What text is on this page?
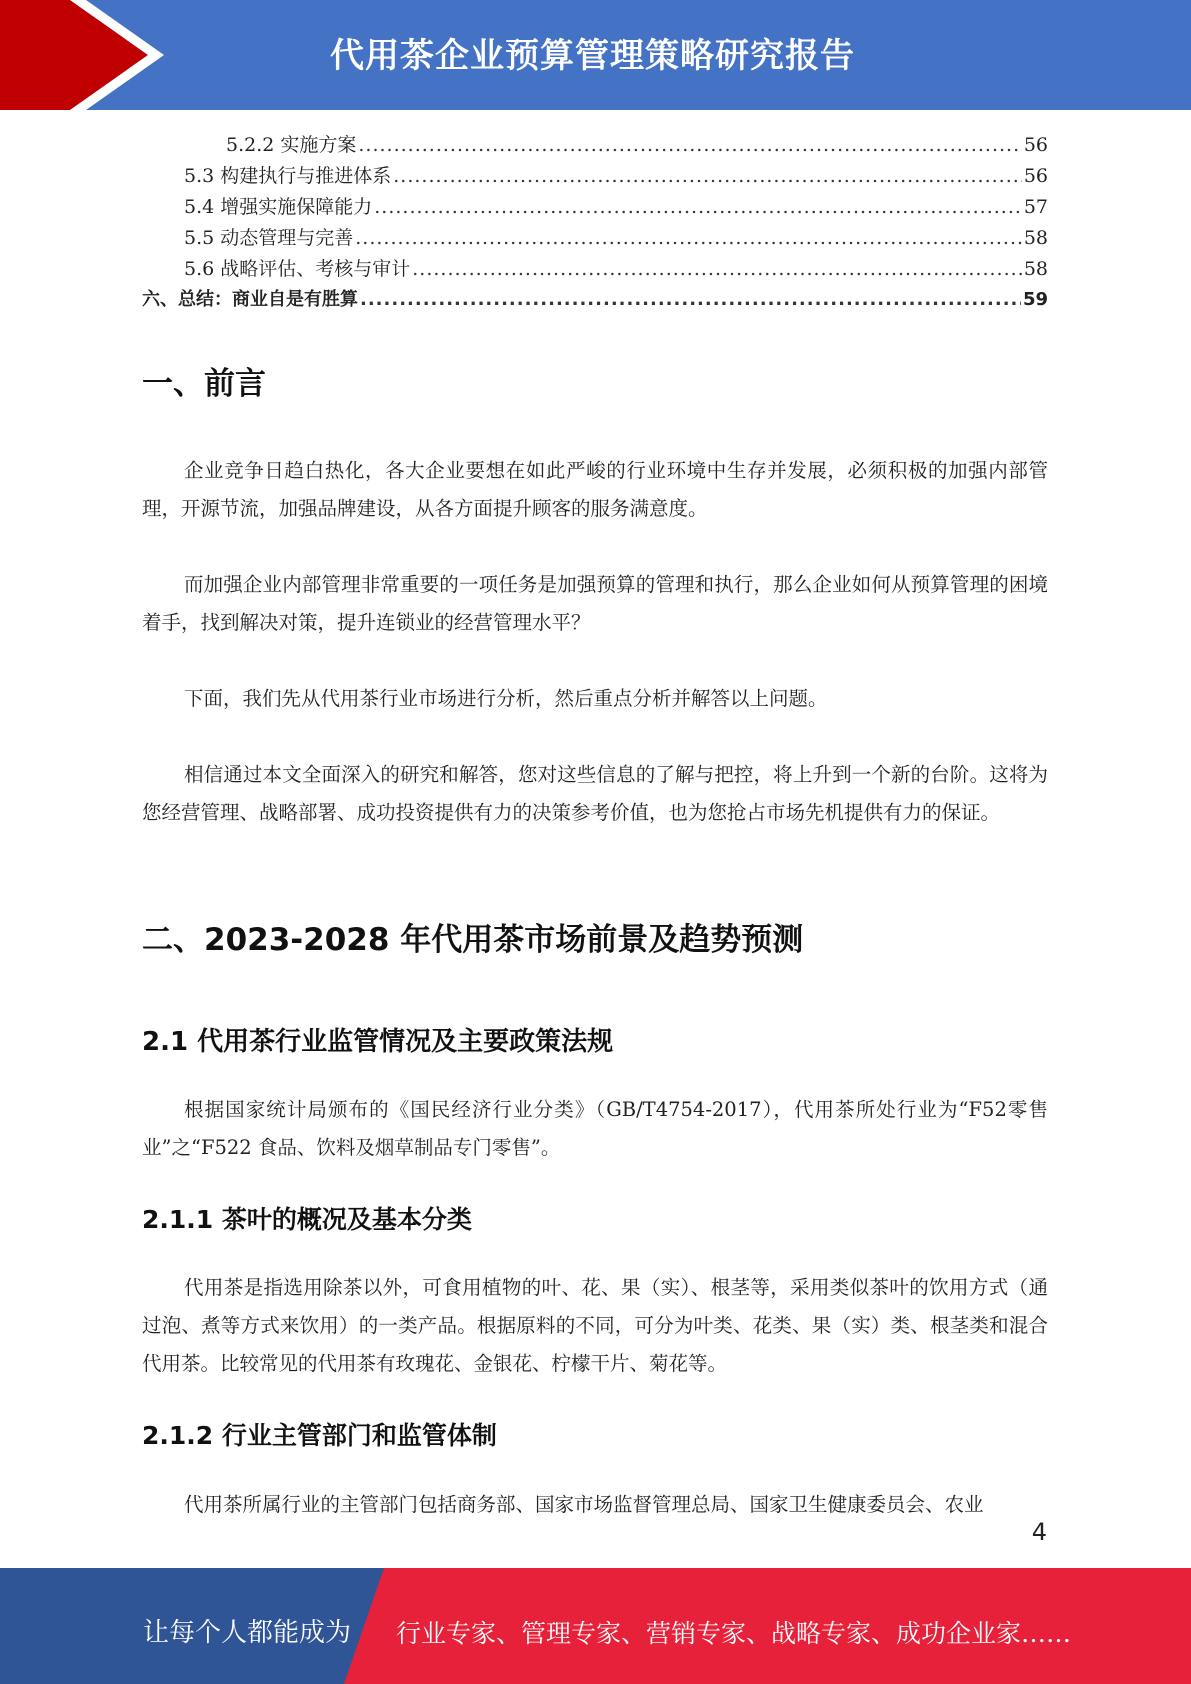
代用茶企业预算管理策略研究报告
5.2.2 实施方案 .....	56
5.3 构建执行与推进体系 .....	56
5.4 增强实施保障能力 .....	57
5.5 动态管理与完善 .....	58
5.6 战略评估、考核与审计 .....	58
六、总结：商业自是有胜算 .....	59
一、前言

企业竞争日趋白热化，各大企业要想在如此严峻的行业环境中生存并发展，必须积极的加强内部管理，开源节流，加强品牌建设，从各方面提升顾客的服务满意度。

而加强企业内部管理非常重要的一项任务是加强预算的管理和执行，那么企业如何从预算管理的困境着手，找到解决对策，提升连锁业的经营管理水平？

下面，我们先从代用茶行业市场进行分析，然后重点分析并解答以上问题。

相信通过本文全面深入的研究和解答，您对这些信息的了解与把控，将上升到一个新的台阶。这将为您经营管理、战略部署、成功投资提供有力的决策参考价值，也为您抢占市场先机提供有力的保证。

二、2023-2028 年代用茶市场前景及趋势预测
2.1 代用茶行业监管情况及主要政策法规

根据国家统计局颁布的《国民经济行业分类》（GB/T4754-2017），代用茶所处行业为“F52零售业”之“F522 食品、饮料及烟草制品专门零售”。

2.1.1 茶叶的概况及基本分类

代用茶是指选用除茶以外，可食用植物的叶、花、果（实）、根茎等，采用类似茶叶的饮用方式（通过泡、煮等方式来饮用）的一类产品。根据原料的不同，可分为叶类、花类、果（实）类、根茎类和混合代用茶。比较常见的代用茶有玫瑰花、金银花、柠檬干片、菊花等。

2.1.2 行业主管部门和监管体制

代用茶所属行业的主管部门包括商务部、国家市场监督管理总局、国家卫生健康委员会、农业

4
让每个人都能成为 行业专家、管理专家、营销专家、战略专家、成功企业家……
